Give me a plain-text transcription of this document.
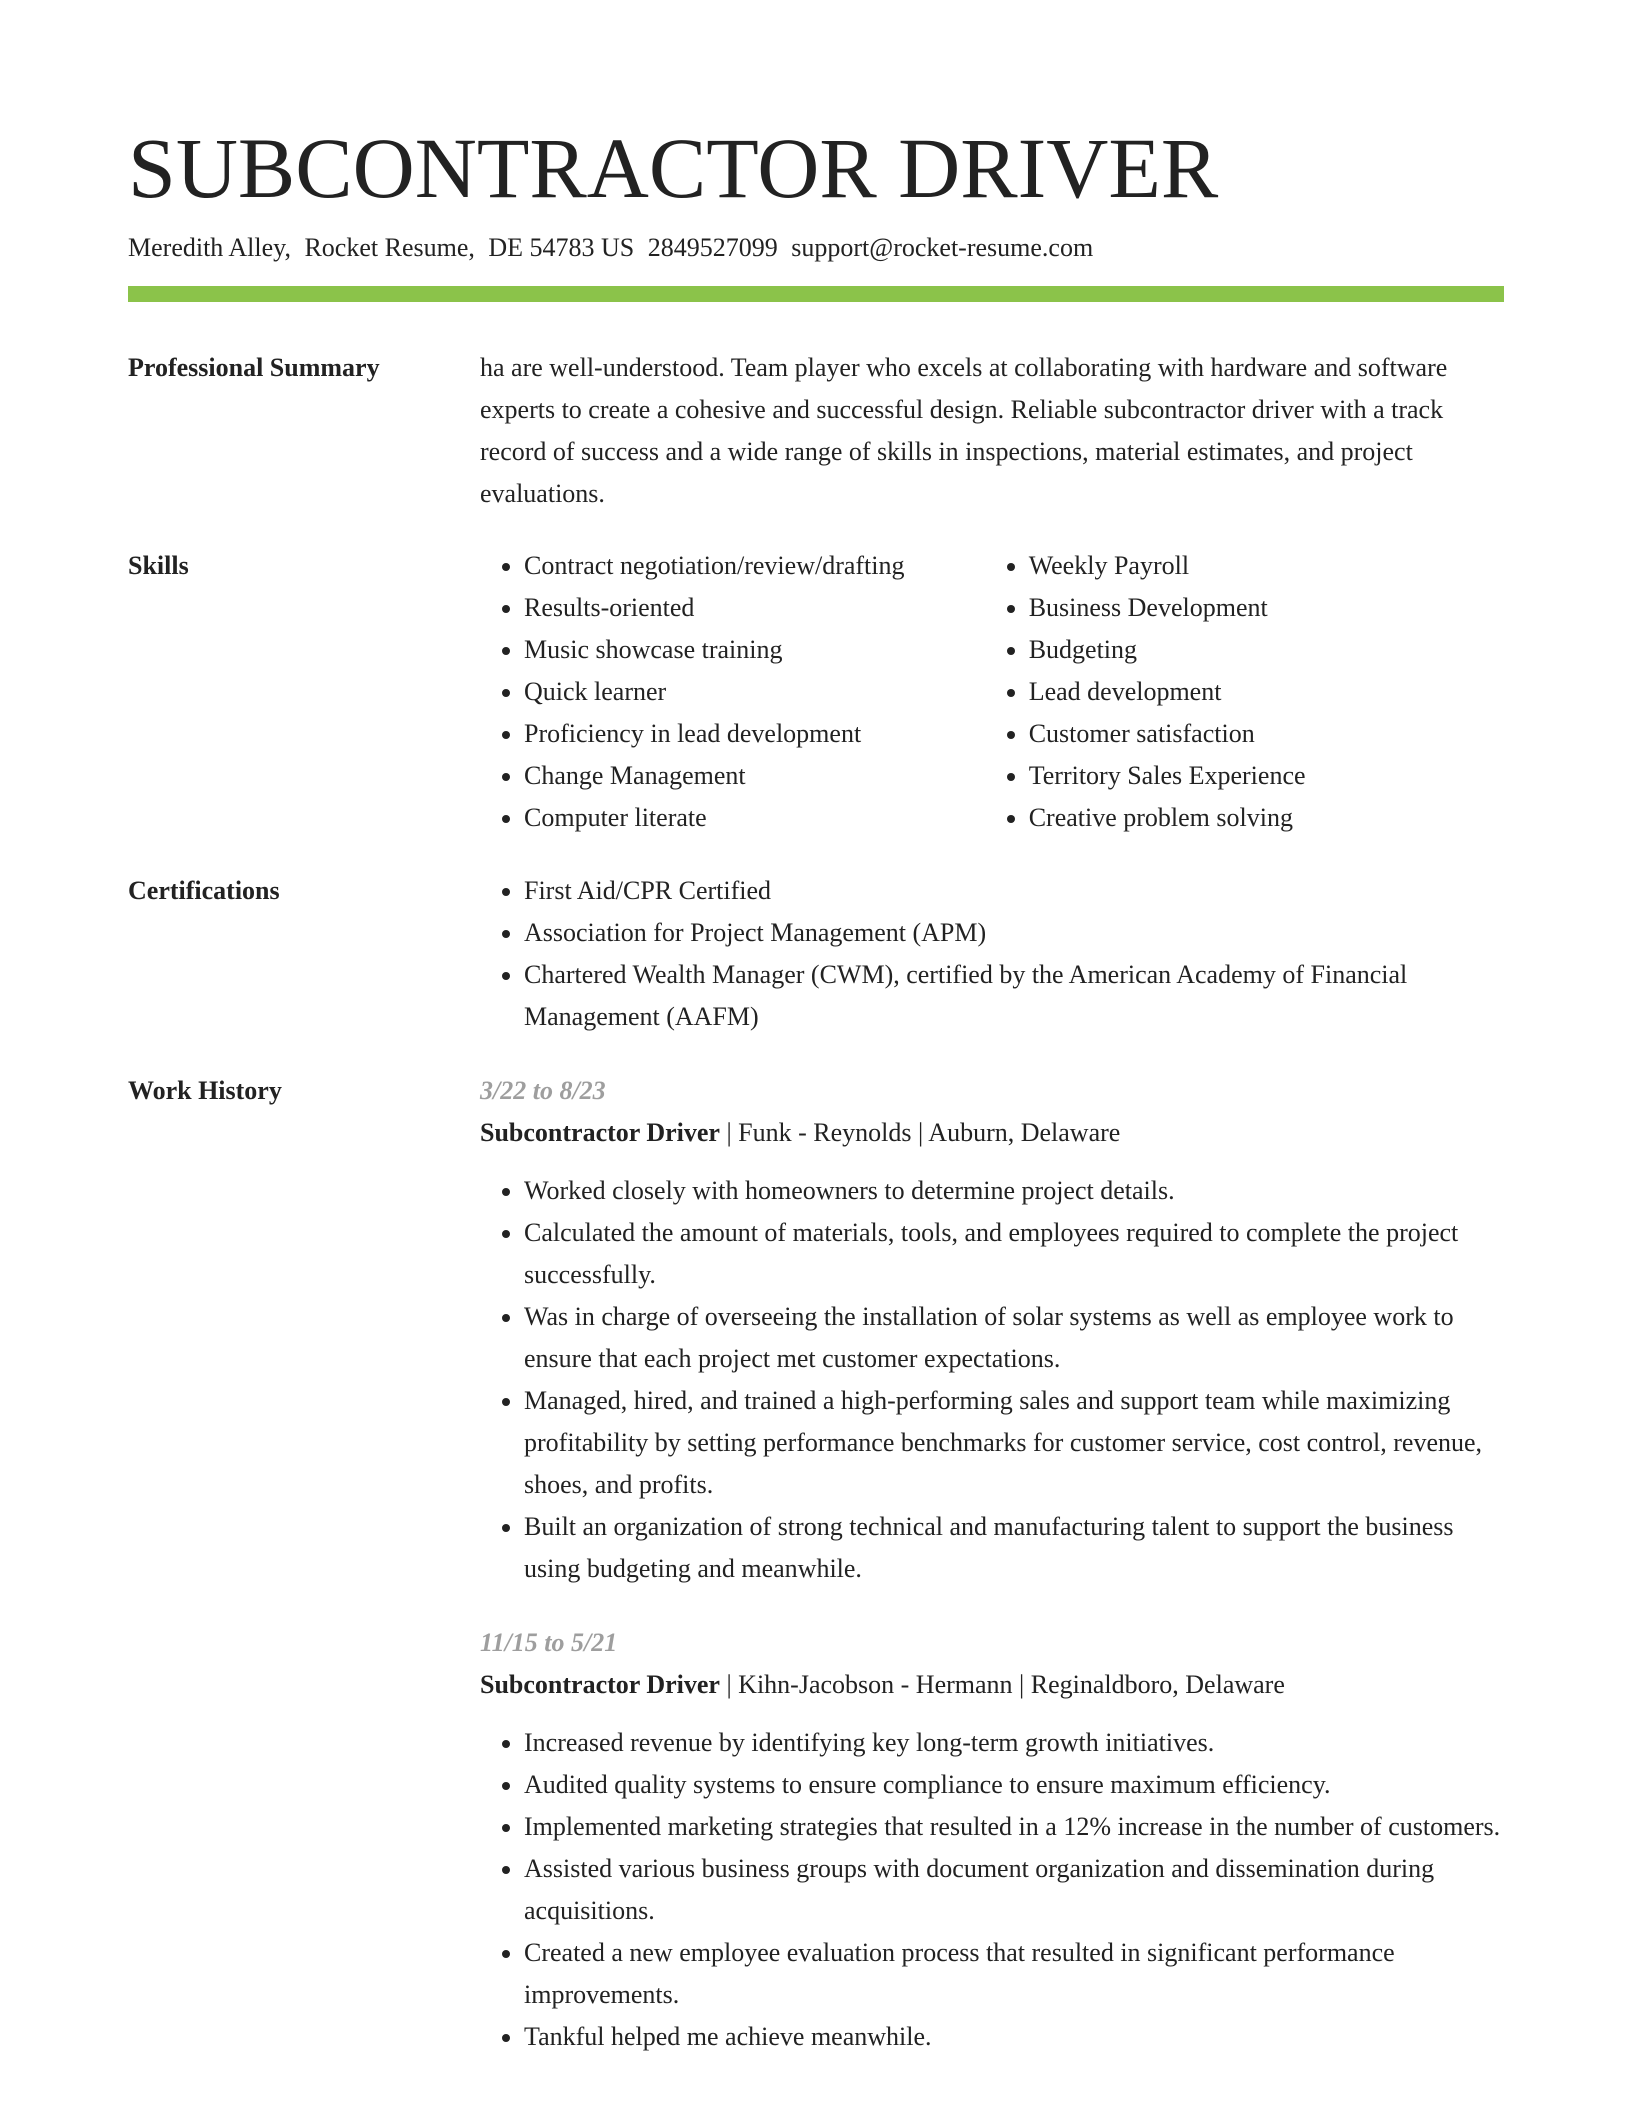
SUBCONTRACTOR DRIVER
Meredith Alley, Rocket Resume, DE 54783 US 2849527099 support@rocket-resume.com
Professional Summary	ha are well-understood. Team player who excels at collaborating with hardware and software experts to create a cohesive and successful design. Reliable subcontractor driver with a track record of success and a wide range of skills in inspections, material estimates, and project evaluations.

Skills	• Contract negotiation/review/drafting
• Results-oriented
• Music showcase training
• Quick learner
• Proficiency in lead development
• Change Management
• Computer literate
• Weekly Payroll
• Business Development
• Budgeting
• Lead development
• Customer satisfaction
• Territory Sales Experience
• Creative problem solving
Certifications	• First Aid/CPR Certified
• Association for Project Management (APM)
• Chartered Wealth Manager (CWM), certified by the American Academy of Financial Management (AAFM)
Work History	3/22 to 8/23
Subcontractor Driver | Funk - Reynolds | Auburn, Delaware
• Worked closely with homeowners to determine project details.
• Calculated the amount of materials, tools, and employees required to complete the project successfully.
• Was in charge of overseeing the installation of solar systems as well as employee work to ensure that each project met customer expectations.
• Managed, hired, and trained a high-performing sales and support team while maximizing profitability by setting performance benchmarks for customer service, cost control, revenue, shoes, and profits.
• Built an organization of strong technical and manufacturing talent to support the business using budgeting and meanwhile.
11/15 to 5/21
Subcontractor Driver | Kihn-Jacobson - Hermann | Reginaldboro, Delaware
• Increased revenue by identifying key long-term growth initiatives.
• Audited quality systems to ensure compliance to ensure maximum efficiency.
• Implemented marketing strategies that resulted in a 12% increase in the number of customers.
• Assisted various business groups with document organization and dissemination during acquisitions.
• Created a new employee evaluation process that resulted in significant performance improvements.
• Tankful helped me achieve meanwhile.
